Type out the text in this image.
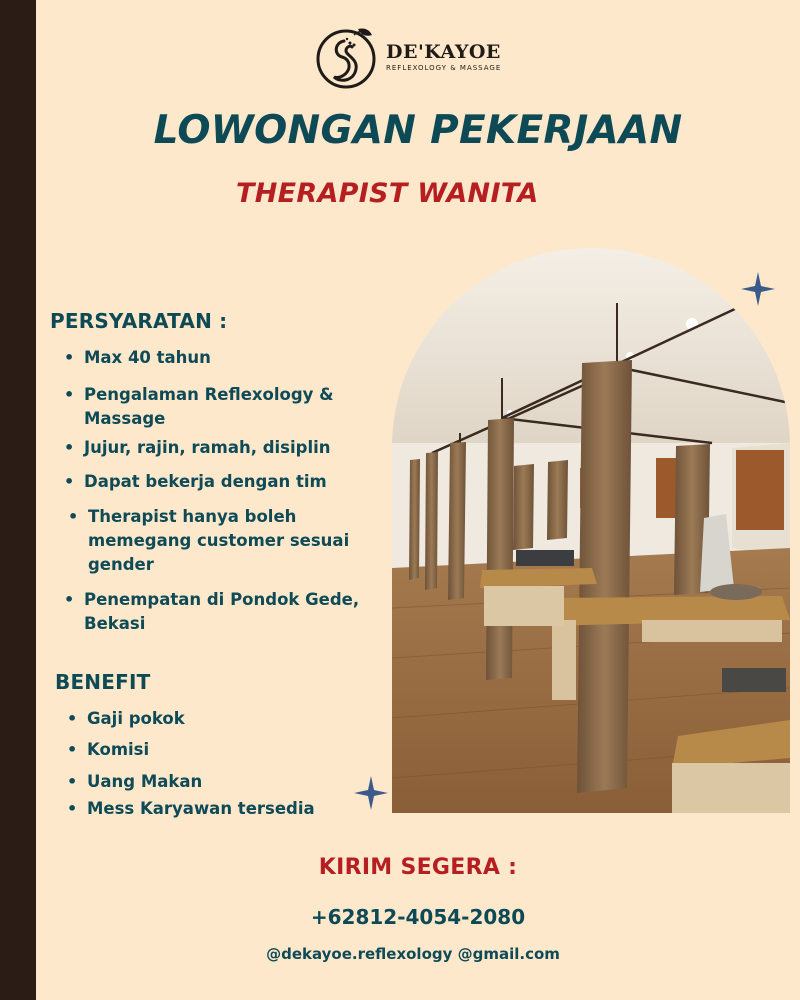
DE'KAYOE
REFLEXOLOGY & MASSAGE
LOWONGAN PEKERJAAN
THERAPIST WANITA
PERSYARATAN :
• Max 40 tahun
• Pengalaman Reflexology & Massage
• Jujur, rajin, ramah, disiplin
• Dapat bekerja dengan tim
• Therapist hanya boleh memegang customer sesuai gender
• Penempatan di Pondok Gede, Bekasi
BENEFIT
• Gaji pokok
• Komisi
• Uang Makan
• Mess Karyawan tersedia
KIRIM SEGERA :
+62812-4054-2080
@dekayoe.reflexology @gmail.com
